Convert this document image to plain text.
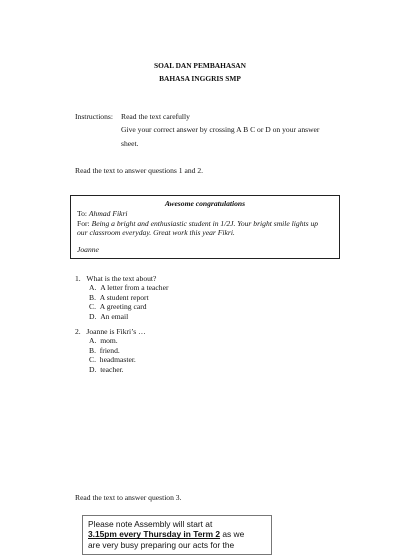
SOAL DAN PEMBAHASAN
BAHASA INGGRIS SMP
Instructions: Read the text carefully
Give your correct answer by crossing A B C or D on your answer
sheet.
Read the text to answer questions 1 and 2.
Awesome congratulations
To: Ahmad Fikri
For: Being a bright and enthusiastic student in 1/2J. Your bright smile lights up
our classroom everyday. Great work this year Fikri.
Joanne
1. What is the text about?
A. A letter from a teacher
B. A student report
C. A greeting card
D. An email
2. Joanne is Fikri’s …
A. mom.
B. friend.
C. headmaster.
D. teacher.
Read the text to answer question 3.
Please note Assembly will start at
3.15pm every Thursday in Term 2 as we
are very busy preparing our acts for the
